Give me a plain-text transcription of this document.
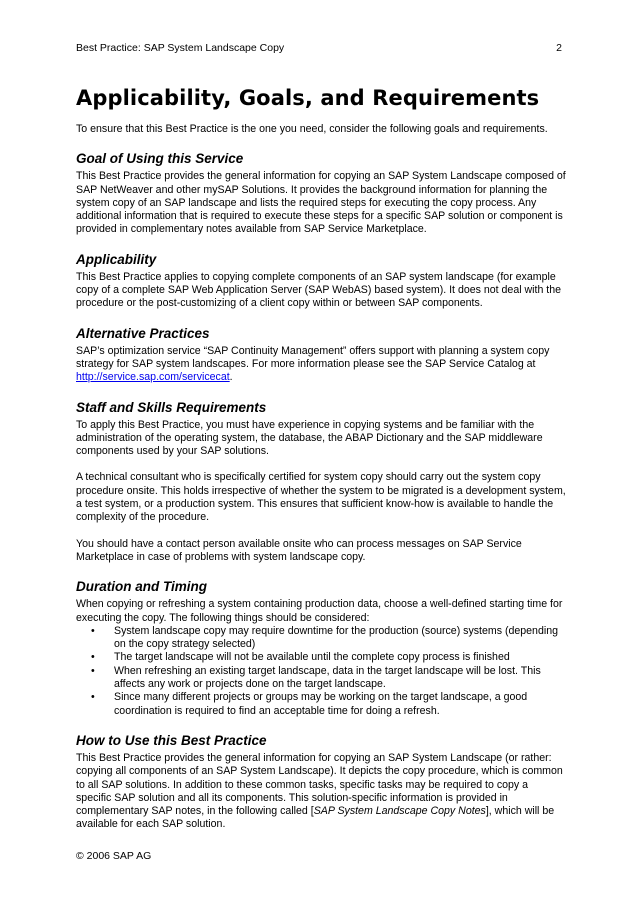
Best Practice: SAP System Landscape Copy	2
Applicability, Goals, and Requirements

To ensure that this Best Practice is the one you need, consider the following goals and requirements.

Goal of Using this Service

This Best Practice provides the general information for copying an SAP System Landscape composed of SAP NetWeaver and other mySAP Solutions. It provides the background information for planning the system copy of an SAP landscape and lists the required steps for executing the copy process. Any additional information that is required to execute these steps for a specific SAP solution or component is provided in complementary notes available from SAP Service Marketplace.

Applicability

This Best Practice applies to copying complete components of an SAP system landscape (for example copy of a complete SAP Web Application Server (SAP WebAS) based system). It does not deal with the procedure or the post-customizing of a client copy within or between SAP components.

Alternative Practices

SAP’s optimization service “SAP Continuity Management” offers support with planning a system copy strategy for SAP system landscapes. For more information please see the SAP Service Catalog at http://service.sap.com/servicecat.

Staff and Skills Requirements

To apply this Best Practice, you must have experience in copying systems and be familiar with the administration of the operating system, the database, the ABAP Dictionary and the SAP middleware components used by your SAP solutions.

A technical consultant who is specifically certified for system copy should carry out the system copy procedure onsite. This holds irrespective of whether the system to be migrated is a development system, a test system, or a production system. This ensures that sufficient know-how is available to handle the complexity of the procedure.

You should have a contact person available onsite who can process messages on SAP Service Marketplace in case of problems with system landscape copy.

Duration and Timing

When copying or refreshing a system containing production data, choose a well-defined starting time for executing the copy. The following things should be considered:

• System landscape copy may require downtime for the production (source) systems (depending on the copy strategy selected)
• The target landscape will not be available until the complete copy process is finished
• When refreshing an existing target landscape, data in the target landscape will be lost. This affects any work or projects done on the target landscape.
• Since many different projects or groups may be working on the target landscape, a good coordination is required to find an acceptable time for doing a refresh.
How to Use this Best Practice

This Best Practice provides the general information for copying an SAP System Landscape (or rather: copying all components of an SAP System Landscape). It depicts the copy procedure, which is common to all SAP solutions. In addition to these common tasks, specific tasks may be required to copy a specific SAP solution and all its components. This solution-specific information is provided in complementary SAP notes, in the following called [SAP System Landscape Copy Notes], which will be available for each SAP solution.

© 2006 SAP AG
